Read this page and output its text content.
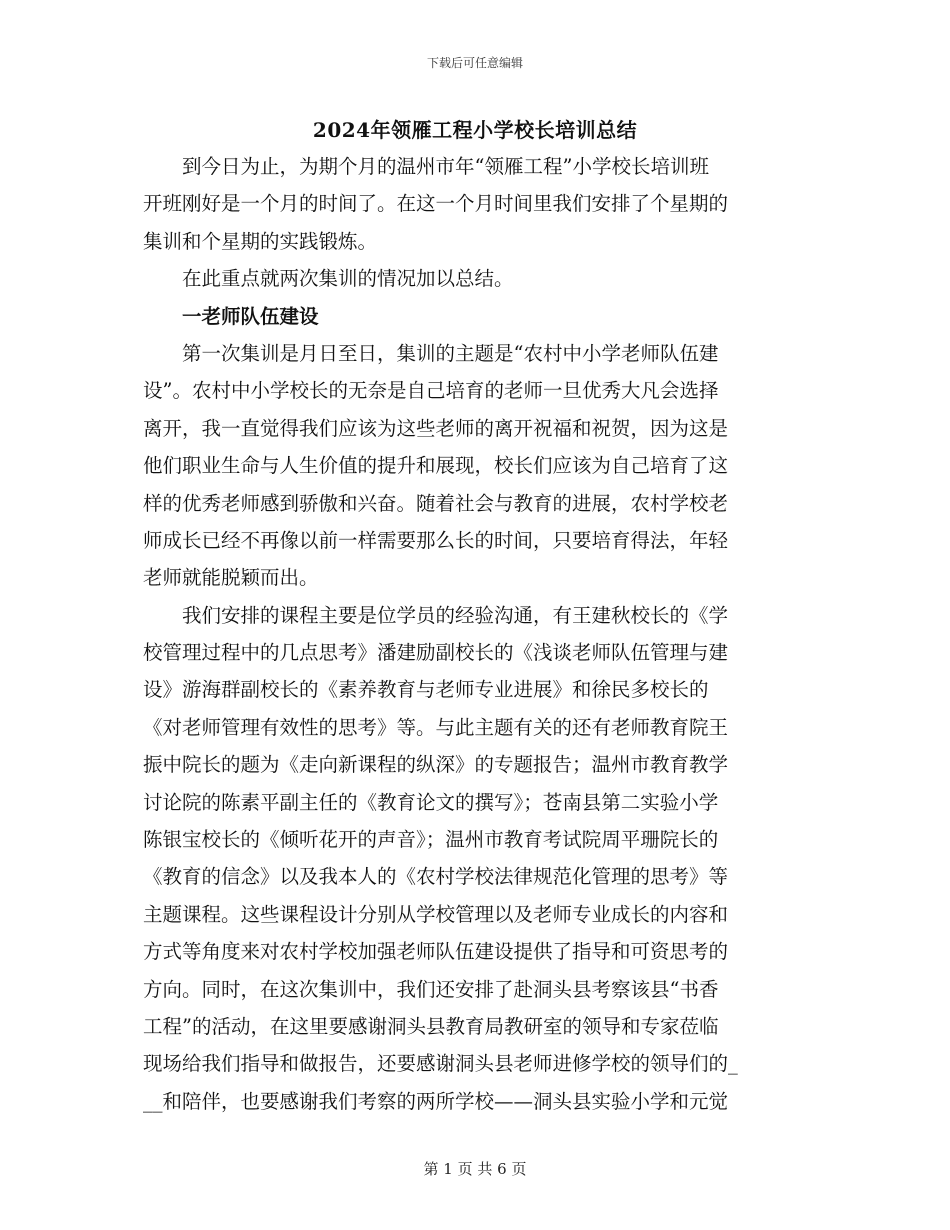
下载后可任意编辑
2024年领雁工程小学校长培训总结
　　到今日为止，为期个月的温州市年“领雁工程”小学校长培训班
开班刚好是一个月的时间了。在这一个月时间里我们安排了个星期的
集训和个星期的实践锻炼。
　　在此重点就两次集训的情况加以总结。
　　一老师队伍建设
　　第一次集训是月日至日，集训的主题是“农村中小学老师队伍建
设”。农村中小学校长的无奈是自己培育的老师一旦优秀大凡会选择
离开，我一直觉得我们应该为这些老师的离开祝福和祝贺，因为这是
他们职业生命与人生价值的提升和展现，校长们应该为自己培育了这
样的优秀老师感到骄傲和兴奋。随着社会与教育的进展，农村学校老
师成长已经不再像以前一样需要那么长的时间，只要培育得法，年轻
老师就能脱颖而出。
　　我们安排的课程主要是位学员的经验沟通，有王建秋校长的《学
校管理过程中的几点思考》潘建励副校长的《浅谈老师队伍管理与建
设》游海群副校长的《素养教育与老师专业进展》和徐民多校长的
《对老师管理有效性的思考》等。与此主题有关的还有老师教育院王
振中院长的题为《走向新课程的纵深》的专题报告；温州市教育教学
讨论院的陈素平副主任的《教育论文的撰写》；苍南县第二实验小学
陈银宝校长的《倾听花开的声音》；温州市教育考试院周平珊院长的
《教育的信念》以及我本人的《农村学校法律规范化管理的思考》等
主题课程。这些课程设计分别从学校管理以及老师专业成长的内容和
方式等角度来对农村学校加强老师队伍建设提供了指导和可资思考的
方向。同时，在这次集训中，我们还安排了赴洞头县考察该县“书香
工程”的活动，在这里要感谢洞头县教育局教研室的领导和专家莅临
现场给我们指导和做报告，还要感谢洞头县老师进修学校的领导们的_
__和陪伴，也要感谢我们考察的两所学校——洞头县实验小学和元觉
第 1 页 共 6 页
